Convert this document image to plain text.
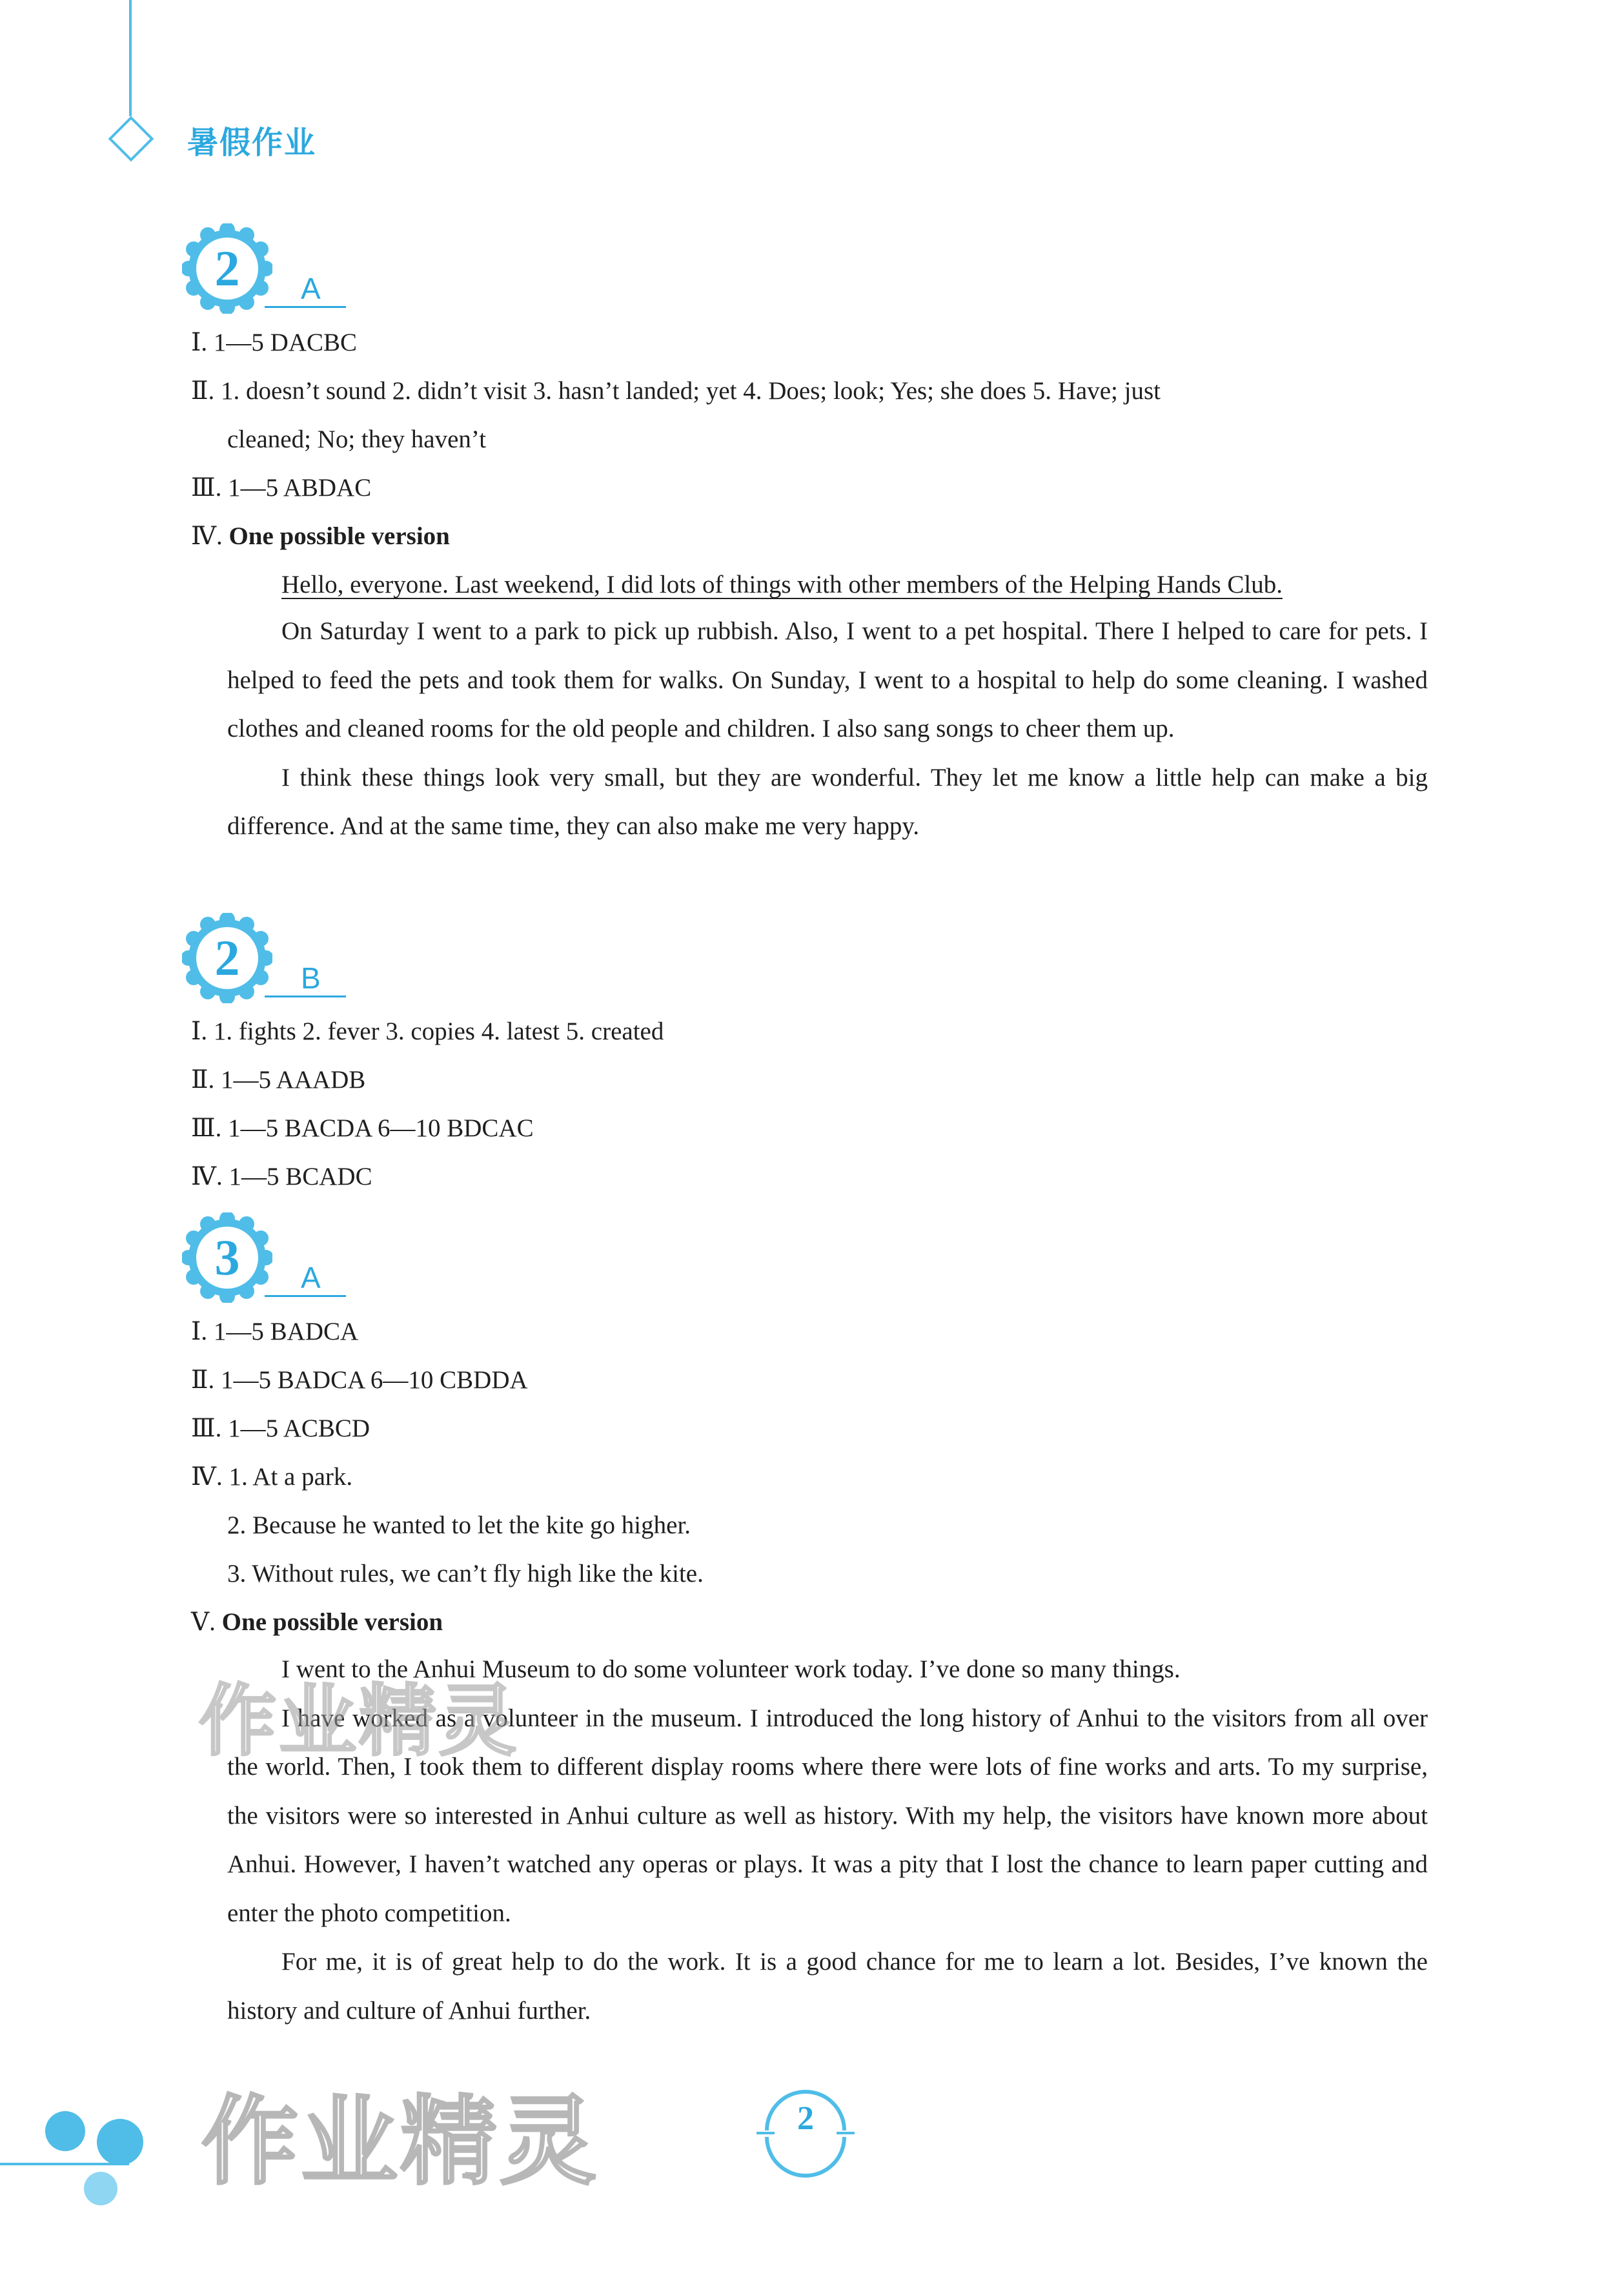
暑假作业
2	A
Ⅰ. 1—5 DACBC
Ⅱ. 1. doesn’t sound 2. didn’t visit 3. hasn’t landed; yet 4. Does; look; Yes; she does 5. Have; just
cleaned; No; they haven’t
Ⅲ. 1—5 ABDAC
Ⅳ. One possible version
Hello, everyone. Last weekend, I did lots of things with other members of the Helping Hands Club.
On Saturday I went to a park to pick up rubbish. Also, I went to a pet hospital. There I helped to care for pets. I helped to feed the pets and took them for walks. On Sunday, I went to a hospital to help do some cleaning. I washed clothes and cleaned rooms for the old people and children. I also sang songs to cheer them up.
I think these things look very small, but they are wonderful. They let me know a little help can make a big difference. And at the same time, they can also make me very happy.
2	B
Ⅰ. 1. fights 2. fever 3. copies 4. latest 5. created
Ⅱ. 1—5 AAADB
Ⅲ. 1—5 BACDA 6—10 BDCAC
Ⅳ. 1—5 BCADC
3	A
Ⅰ. 1—5 BADCA
Ⅱ. 1—5 BADCA 6—10 CBDDA
Ⅲ. 1—5 ACBCD
Ⅳ. 1. At a park.
2. Because he wanted to let the kite go higher.
3. Without rules, we can’t fly high like the kite.
Ⅴ. One possible version
I went to the Anhui Museum to do some volunteer work today. I’ve done so many things.
I have worked as a volunteer in the museum. I introduced the long history of Anhui to the visitors from all over the world. Then, I took them to different display rooms where there were lots of fine works and arts. To my surprise, the visitors were so interested in Anhui culture as well as history. With my help, the visitors have known more about Anhui. However, I haven’t watched any operas or plays. It was a pity that I lost the chance to learn paper cutting and enter the photo competition.
For me, it is of great help to do the work. It is a good chance for me to learn a lot. Besides, I’ve known the history and culture of Anhui further.
作业精灵
作业精灵	2
